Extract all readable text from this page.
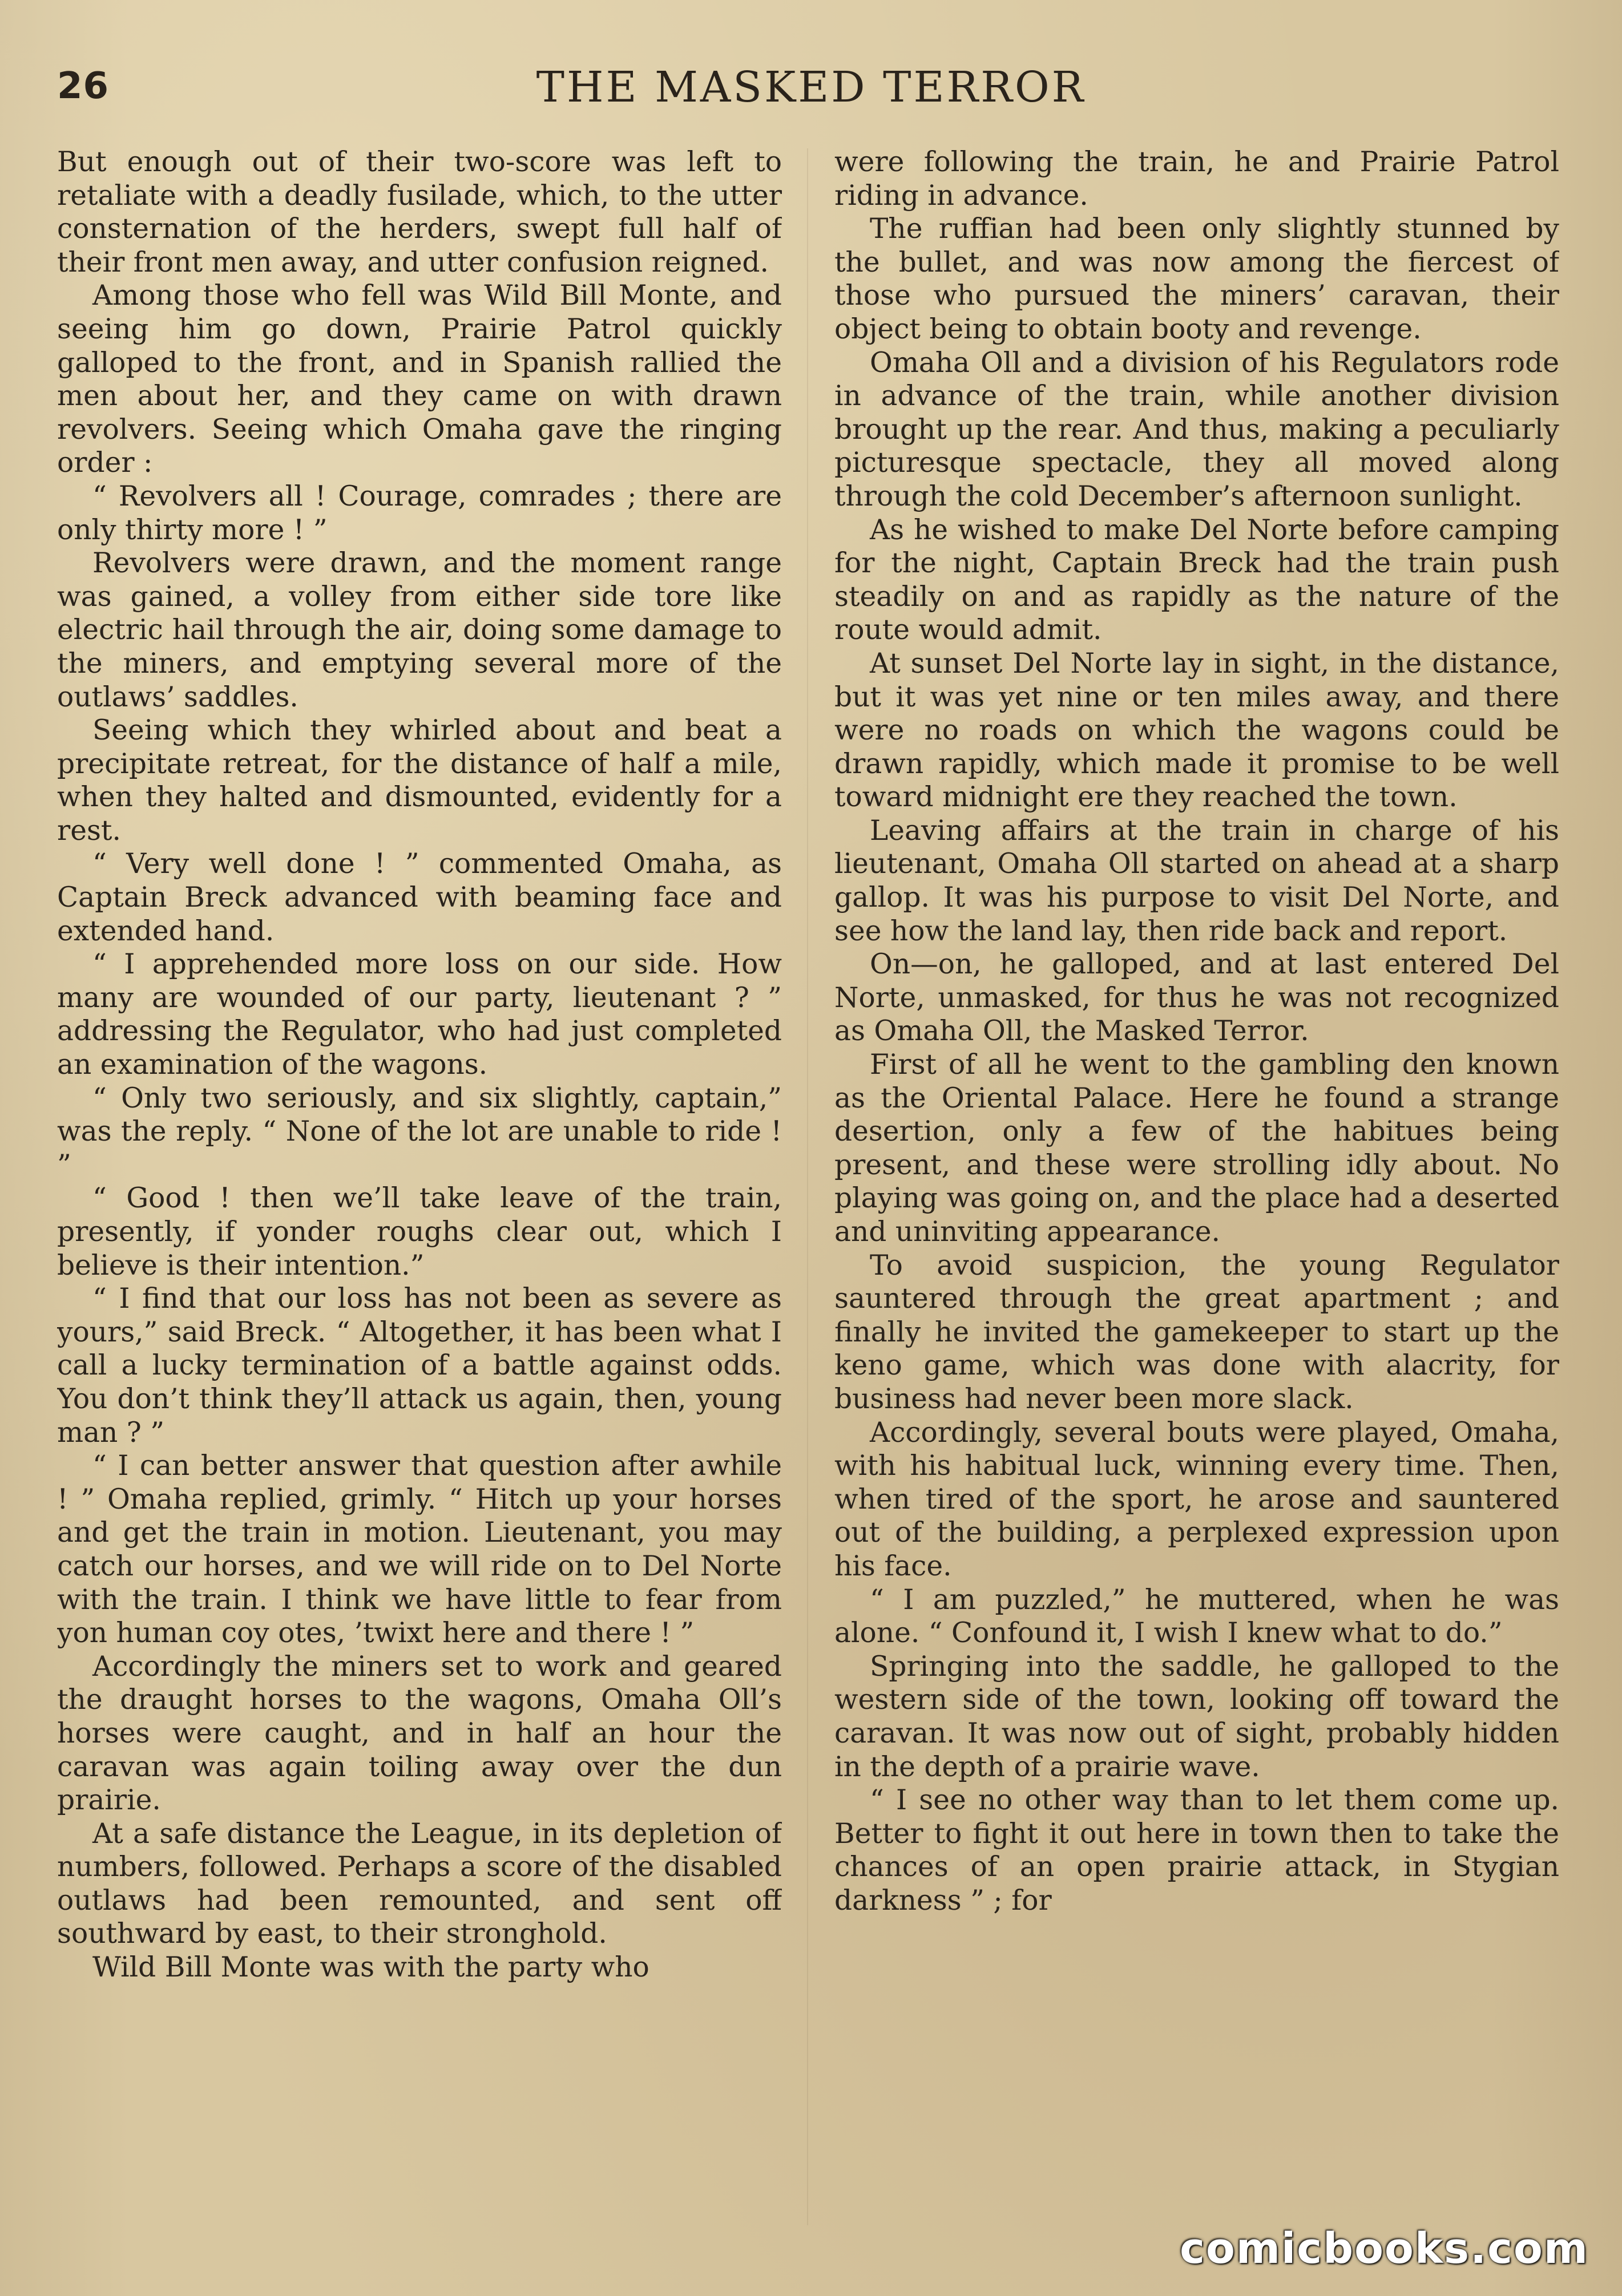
26	THE MASKED TERROR

But enough out of their two-score was left to retaliate with a deadly fusilade, which, to the utter consternation of the herders, swept full half of their front men away, and utter confusion reigned.

Among those who fell was Wild Bill Monte, and seeing him go down, Prairie Patrol quickly galloped to the front, and in Spanish rallied the men about her, and they came on with drawn revolvers. Seeing which Omaha gave the ringing order :

“ Revolvers all ! Courage, comrades ; there are only thirty more ! ”

Revolvers were drawn, and the moment range was gained, a volley from either side tore like electric hail through the air, doing some damage to the miners, and emptying several more of the outlaws’ saddles.

Seeing which they whirled about and beat a precipitate retreat, for the distance of half a mile, when they halted and dismounted, evidently for a rest.

“ Very well done ! ” commented Omaha, as Captain Breck advanced with beaming face and extended hand.

“ I apprehended more loss on our side. How many are wounded of our party, lieutenant ? ” addressing the Regulator, who had just completed an examination of the wagons.

“ Only two seriously, and six slightly, captain,” was the reply. “ None of the lot are unable to ride ! ”

“ Good ! then we’ll take leave of the train, presently, if yonder roughs clear out, which I believe is their intention.”

“ I find that our loss has not been as severe as yours,” said Breck. “ Altogether, it has been what I call a lucky termination of a battle against odds. You don’t think they’ll attack us again, then, young man ? ”

“ I can better answer that question after awhile ! ” Omaha replied, grimly. “ Hitch up your horses and get the train in motion. Lieutenant, you may catch our horses, and we will ride on to Del Norte with the train. I think we have little to fear from yon human coy otes, ’twixt here and there ! ”

Accordingly the miners set to work and geared the draught horses to the wagons, Omaha Oll’s horses were caught, and in half an hour the caravan was again toiling away over the dun prairie.

At a safe distance the League, in its depletion of numbers, followed. Perhaps a score of the disabled outlaws had been remounted, and sent off southward by east, to their stronghold.

Wild Bill Monte was with the party who

were following the train, he and Prairie Patrol riding in advance.

The ruffian had been only slightly stunned by the bullet, and was now among the fiercest of those who pursued the miners’ caravan, their object being to obtain booty and revenge.

Omaha Oll and a division of his Regulators rode in advance of the train, while another division brought up the rear. And thus, making a peculiarly picturesque spectacle, they all moved along through the cold December’s afternoon sunlight.

As he wished to make Del Norte before camping for the night, Captain Breck had the train push steadily on and as rapidly as the nature of the route would admit.

At sunset Del Norte lay in sight, in the distance, but it was yet nine or ten miles away, and there were no roads on which the wagons could be drawn rapidly, which made it promise to be well toward midnight ere they reached the town.

Leaving affairs at the train in charge of his lieutenant, Omaha Oll started on ahead at a sharp gallop. It was his purpose to visit Del Norte, and see how the land lay, then ride back and report.

On—on, he galloped, and at last entered Del Norte, unmasked, for thus he was not recognized as Omaha Oll, the Masked Terror.

First of all he went to the gambling den known as the Oriental Palace. Here he found a strange desertion, only a few of the habitues being present, and these were strolling idly about. No playing was going on, and the place had a deserted and uninviting appearance.

To avoid suspicion, the young Regulator sauntered through the great apartment ; and finally he invited the gamekeeper to start up the keno game, which was done with alacrity, for business had never been more slack.

Accordingly, several bouts were played, Omaha, with his habitual luck, winning every time. Then, when tired of the sport, he arose and sauntered out of the building, a perplexed expression upon his face.

“ I am puzzled,” he muttered, when he was alone. “ Confound it, I wish I knew what to do.”

Springing into the saddle, he galloped to the western side of the town, looking off toward the caravan. It was now out of sight, probably hidden in the depth of a prairie wave.

“ I see no other way than to let them come up. Better to fight it out here in town then to take the chances of an open prairie attack, in Stygian darkness ” ; for

comicbooks.com
